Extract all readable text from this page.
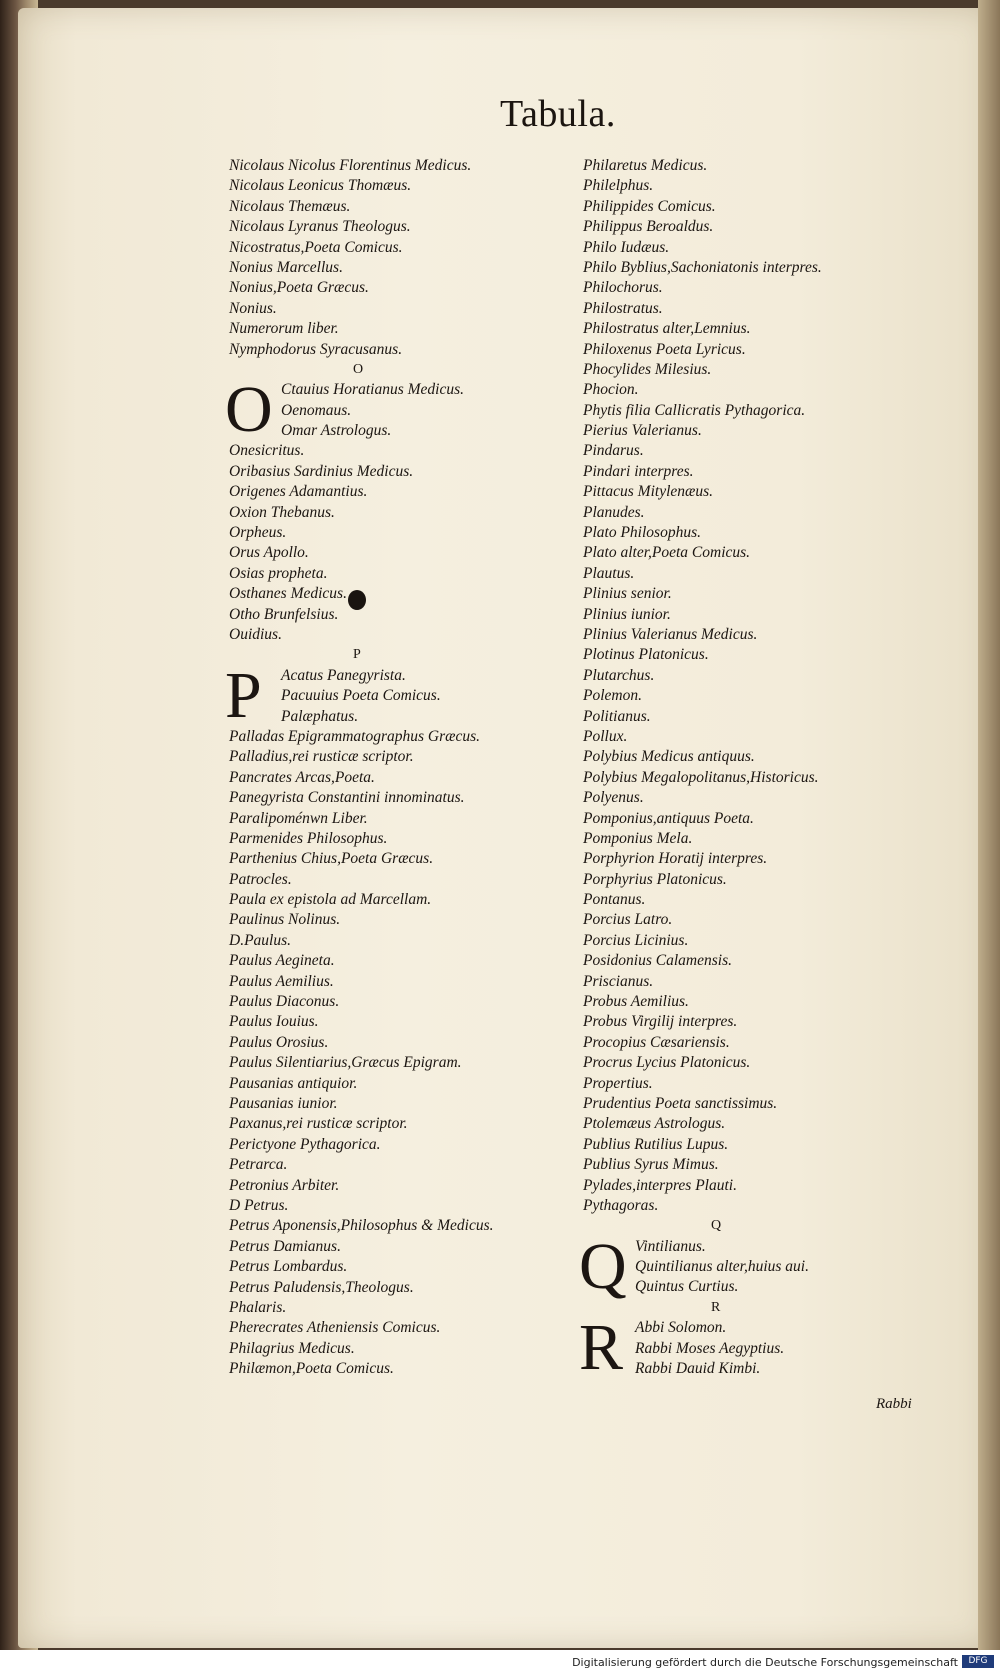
Tabula.
Nicolaus Nicolus Florentinus Medicus.
Nicolaus Leonicus Thomæus.
Nicolaus Themæus.
Nicolaus Lyranus Theologus.
Nicostratus,Poeta Comicus.
Nonius Marcellus.
Nonius,Poeta Græcus.
Nonius.
Numerorum liber.
Nymphodorus Syracusanus.
O
O Ctauius Horatianus Medicus.
Oenomaus.
Omar Astrologus.
Onesicritus.
Oribasius Sardinius Medicus.
Origenes Adamantius.
Oxion Thebanus.
Orpheus.
Orus Apollo.
Osias propheta.
Osthanes Medicus.
Otho Brunfelsius.
Ouidius.
P
P	Acatus Panegyrista.
Pacuuius Poeta Comicus.
Palæphatus.
Palladas Epigrammatographus Græcus.
Palladius,rei rusticæ scriptor.
Pancrates Arcas,Poeta.
Panegyrista Constantini innominatus.
Paralipoménwn Liber.
Parmenides Philosophus.
Parthenius Chius,Poeta Græcus.
Patrocles.
Paula ex epistola ad Marcellam.
Paulinus Nolinus.
D.Paulus.
Paulus Aegineta.
Paulus Aemilius.
Paulus Diaconus.
Paulus Iouius.
Paulus Orosius.
Paulus Silentiarius,Græcus Epigram.
Pausanias antiquior.
Pausanias iunior.
Paxanus,rei rusticæ scriptor.
Perictyone Pythagorica.
Petrarca.
Petronius Arbiter.
D Petrus.
Petrus Aponensis,Philosophus & Medicus.
Petrus Damianus.
Petrus Lombardus.
Petrus Paludensis,Theologus.
Phalaris.
Pherecrates Atheniensis Comicus.
Philagrius Medicus.
Philæmon,Poeta Comicus.
Philaretus Medicus.
Philelphus.
Philippides Comicus.
Philippus Beroaldus.
Philo Iudæus.
Philo Byblius,Sachoniatonis interpres.
Philochorus.
Philostratus.
Philostratus alter,Lemnius.
Philoxenus Poeta Lyricus.
Phocylides Milesius.
Phocion.
Phytis filia Callicratis Pythagorica.
Pierius Valerianus.
Pindarus.
Pindari interpres.
Pittacus Mitylenæus.
Planudes.
Plato Philosophus.
Plato alter,Poeta Comicus.
Plautus.
Plinius senior.
Plinius iunior.
Plinius Valerianus Medicus.
Plotinus Platonicus.
Plutarchus.
Polemon.
Politianus.
Pollux.
Polybius Medicus antiquus.
Polybius Megalopolitanus,Historicus.
Polyenus.
Pomponius,antiquus Poeta.
Pomponius Mela.
Porphyrion Horatij interpres.
Porphyrius Platonicus.
Pontanus.
Porcius Latro.
Porcius Licinius.
Posidonius Calamensis.
Priscianus.
Probus Aemilius.
Probus Virgilij interpres.
Procopius Cæsariensis.
Procrus Lycius Platonicus.
Propertius.
Prudentius Poeta sanctissimus.
Ptolemæus Astrologus.
Publius Rutilius Lupus.
Publius Syrus Mimus.
Pylades,interpres Plauti.
Pythagoras.
Q
Q Vintilianus.
Quintilianus alter,huius aui.
Quintus Curtius.
R
R Abbi Solomon.
Rabbi Moses Aegyptius.
Rabbi Dauid Kimbi.
Rabbi
Digitalisierung gefördert durch die Deutsche Forschungsgemeinschaft	DFG
